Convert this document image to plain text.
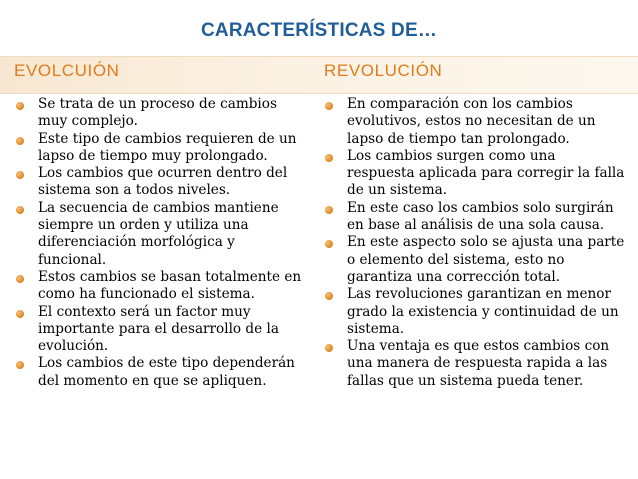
CARACTERÍSTICAS DE…
EVOLCUIÓN	REVOLUCIÓN
Se trata de un proceso de cambios muy complejo.
Este tipo de cambios requieren de un lapso de tiempo muy prolongado.
Los cambios que ocurren dentro del sistema son a todos niveles.
La secuencia de cambios mantiene siempre un orden y utiliza una diferenciación morfológica y funcional.
Estos cambios se basan totalmente en como ha funcionado el sistema.
El contexto será un factor muy importante para el desarrollo de la evolución.
Los cambios de este tipo dependerán del momento en que se apliquen.
En comparación con los cambios evolutivos, estos no necesitan de un lapso de tiempo tan prolongado.
Los cambios surgen como una respuesta aplicada para corregir la falla de un sistema.
En este caso los cambios solo surgirán en base al análisis de una sola causa.
En este aspecto solo se ajusta una parte o elemento del sistema, esto no garantiza una corrección total.
Las revoluciones garantizan en menor grado la existencia y continuidad de un sistema.
Una ventaja es que estos cambios con una manera de respuesta rapida a las fallas que un sistema pueda tener.
